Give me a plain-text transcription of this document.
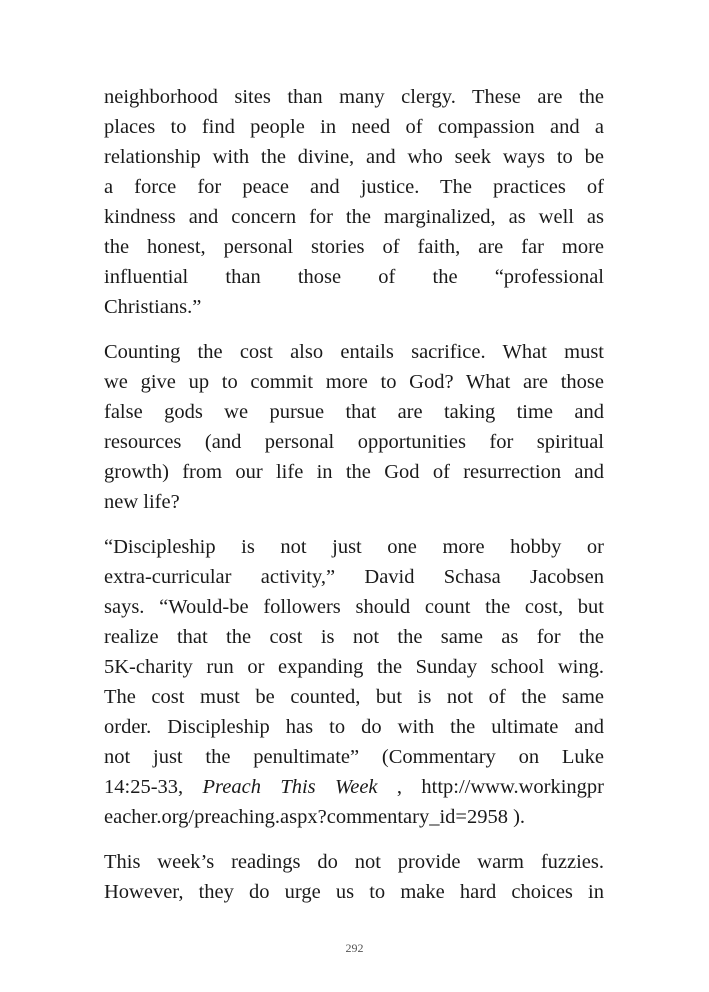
neighborhood sites than many clergy. These are the
places to find people in need of compassion and a
relationship with the divine, and who seek ways to be
a force for peace and justice. The practices of
kindness and concern for the marginalized, as well as
the honest, personal stories of faith, are far more
influential than those of the “professional
Christians.”

Counting the cost also entails sacrifice. What must
we give up to commit more to God? What are those
false gods we pursue that are taking time and
resources (and personal opportunities for spiritual
growth) from our life in the God of resurrection and
new life?

“Discipleship is not just one more hobby or
extra-curricular activity,” David Schasa Jacobsen
says. “Would-be followers should count the cost, but
realize that the cost is not the same as for the
5K-charity run or expanding the Sunday school wing.
The cost must be counted, but is not of the same
order. Discipleship has to do with the ultimate and
not just the penultimate” (Commentary on Luke
14:25-33, Preach This Week , http://www.workingpr
eacher.org/preaching.aspx?commentary_id=2958 ).

This week’s readings do not provide warm fuzzies.
However, they do urge us to make hard choices in

292
